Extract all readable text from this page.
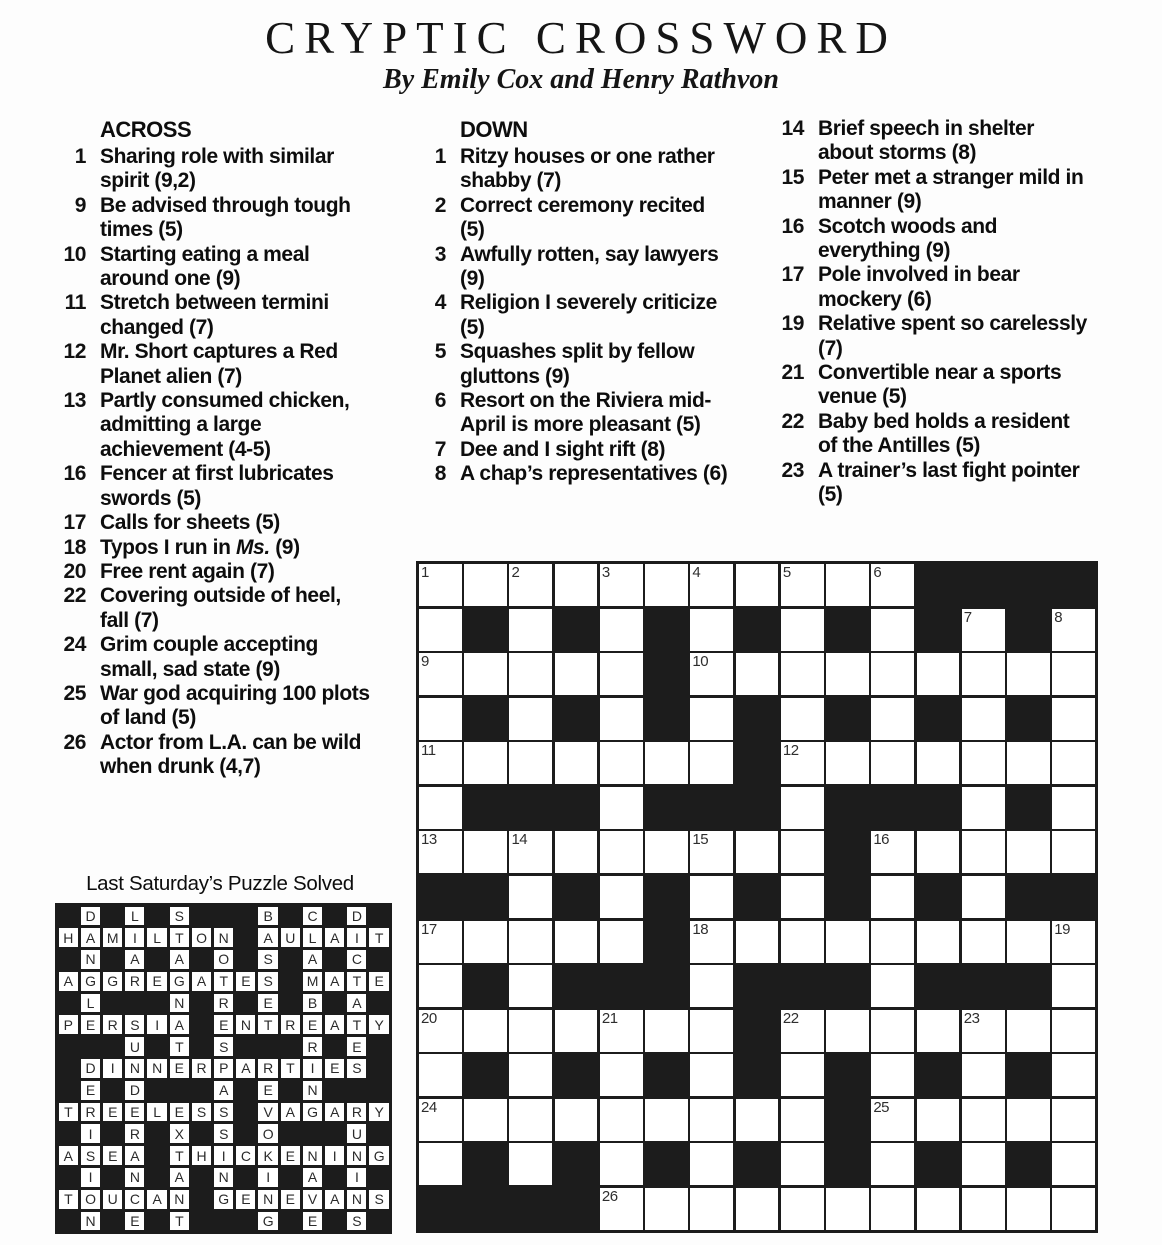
CRYPTIC CROSSWORD
By Emily Cox and Henry Rathvon
ACROSS
1 Sharing role with similar spirit (9,2)
9 Be advised through tough times (5)
10 Starting eating a meal around one (9)
11 Stretch between termini changed (7)
12 Mr. Short captures a Red Planet alien (7)
13 Partly consumed chicken, admitting a large achievement (4-5)
16 Fencer at first lubricates swords (5)
17 Calls for sheets (5)
18 Typos I run in Ms. (9)
20 Free rent again (7)
22 Covering outside of heel, fall (7)
24 Grim couple accepting small, sad state (9)
25 War god acquiring 100 plots of land (5)
26 Actor from L.A. can be wild when drunk (4,7)
DOWN
1 Ritzy houses or one rather shabby (7)
2 Correct ceremony recited (5)
3 Awfully rotten, say lawyers (9)
4 Religion I severely criticize (5)
5 Squashes split by fellow gluttons (9)
6 Resort on the Riviera mid-April is more pleasant (5)
7 Dee and I sight rift (8)
8 A chap’s representatives (6)
14 Brief speech in shelter about storms (8)
15 Peter met a stranger mild in manner (9)
16 Scotch woods and everything (9)
17 Pole involved in bear mockery (6)
19 Relative spent so carelessly (7)
21 Convertible near a sports venue (5)
22 Baby bed holds a resident of the Antilles (5)
23 A trainer’s last fight pointer (5)
1	2	3	4	5	6
7	8
9	10
11	12
13	14	15	16
17	18	19
20	21	22	23
24	25
26
Last Saturday’s Puzzle Solved
D	L	S	B	C	D
H A M	I	L	T O N	A U L	A	I	T
N	A	A	O	S	A	C
A G G R E G A T E S	M A T E
L	N	R	E	B	A
P E R S	I	A	E N T R E A T Y
U	T	S	R	E
D	I	N N E R P A R T	I	E S
E	D	A	E	N
T R E E	L	E S S	V A G A R Y
I	R	X	S	O	U
A S E A	T H	I	C K E N	I	N G
I	N	A	N	I	A	I
T O U C A N	G E N E V A N S
N	E	T	G	E	S
